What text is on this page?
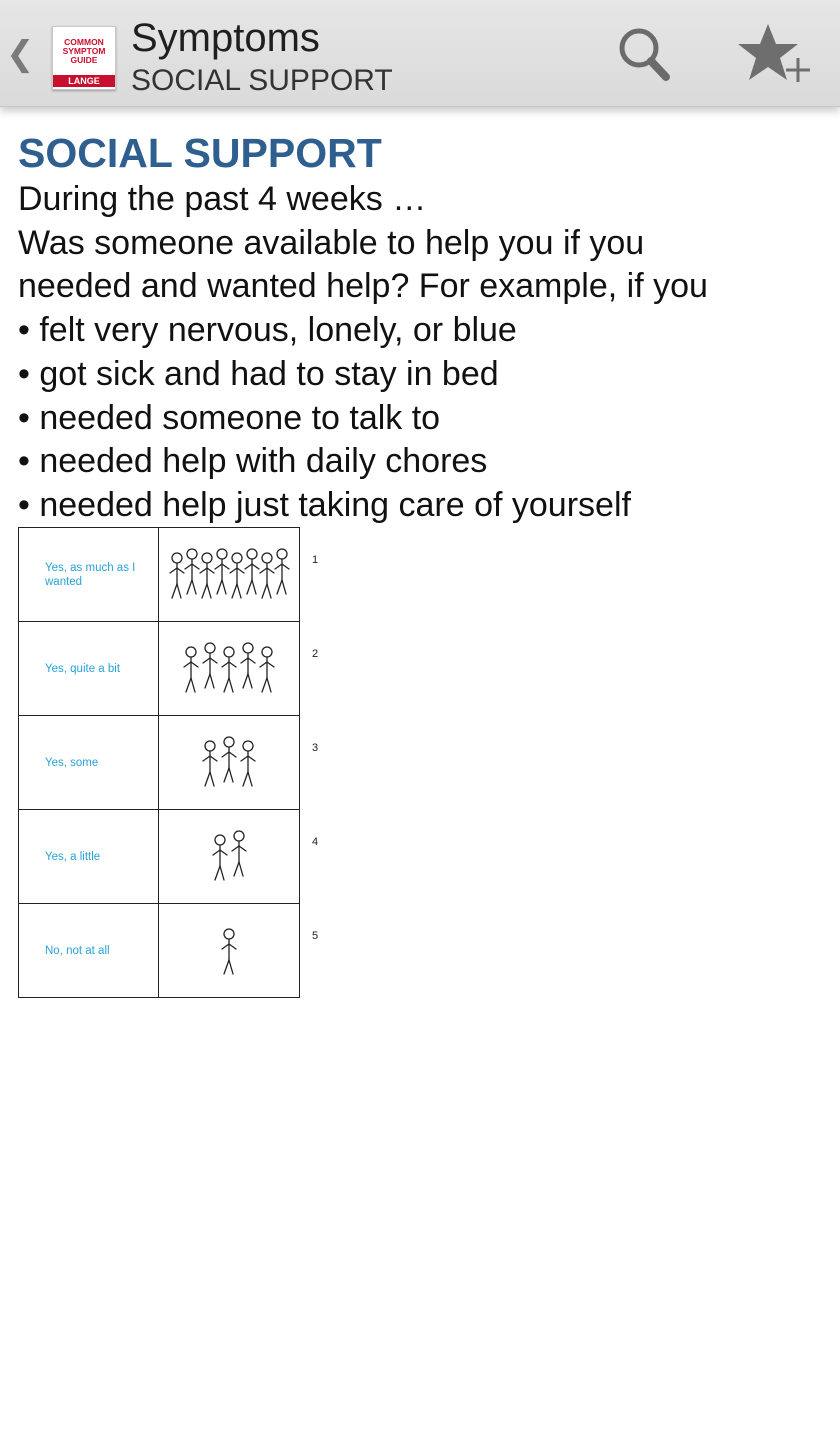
❮	COMMON
SYMPTOM
GUIDE
LANGE
Symptoms
SOCIAL SUPPORT
SOCIAL SUPPORT

During the past 4 weeks …

Was someone available to help you if you

needed and wanted help? For example, if you

• felt very nervous, lonely, or blue

• got sick and had to stay in bed

• needed someone to talk to

• needed help with daily chores

• needed help just taking care of yourself

Yes, as much as I wanted		1
Yes, quite a bit		2
Yes, some		3
Yes, a little		4
No, not at all		5
